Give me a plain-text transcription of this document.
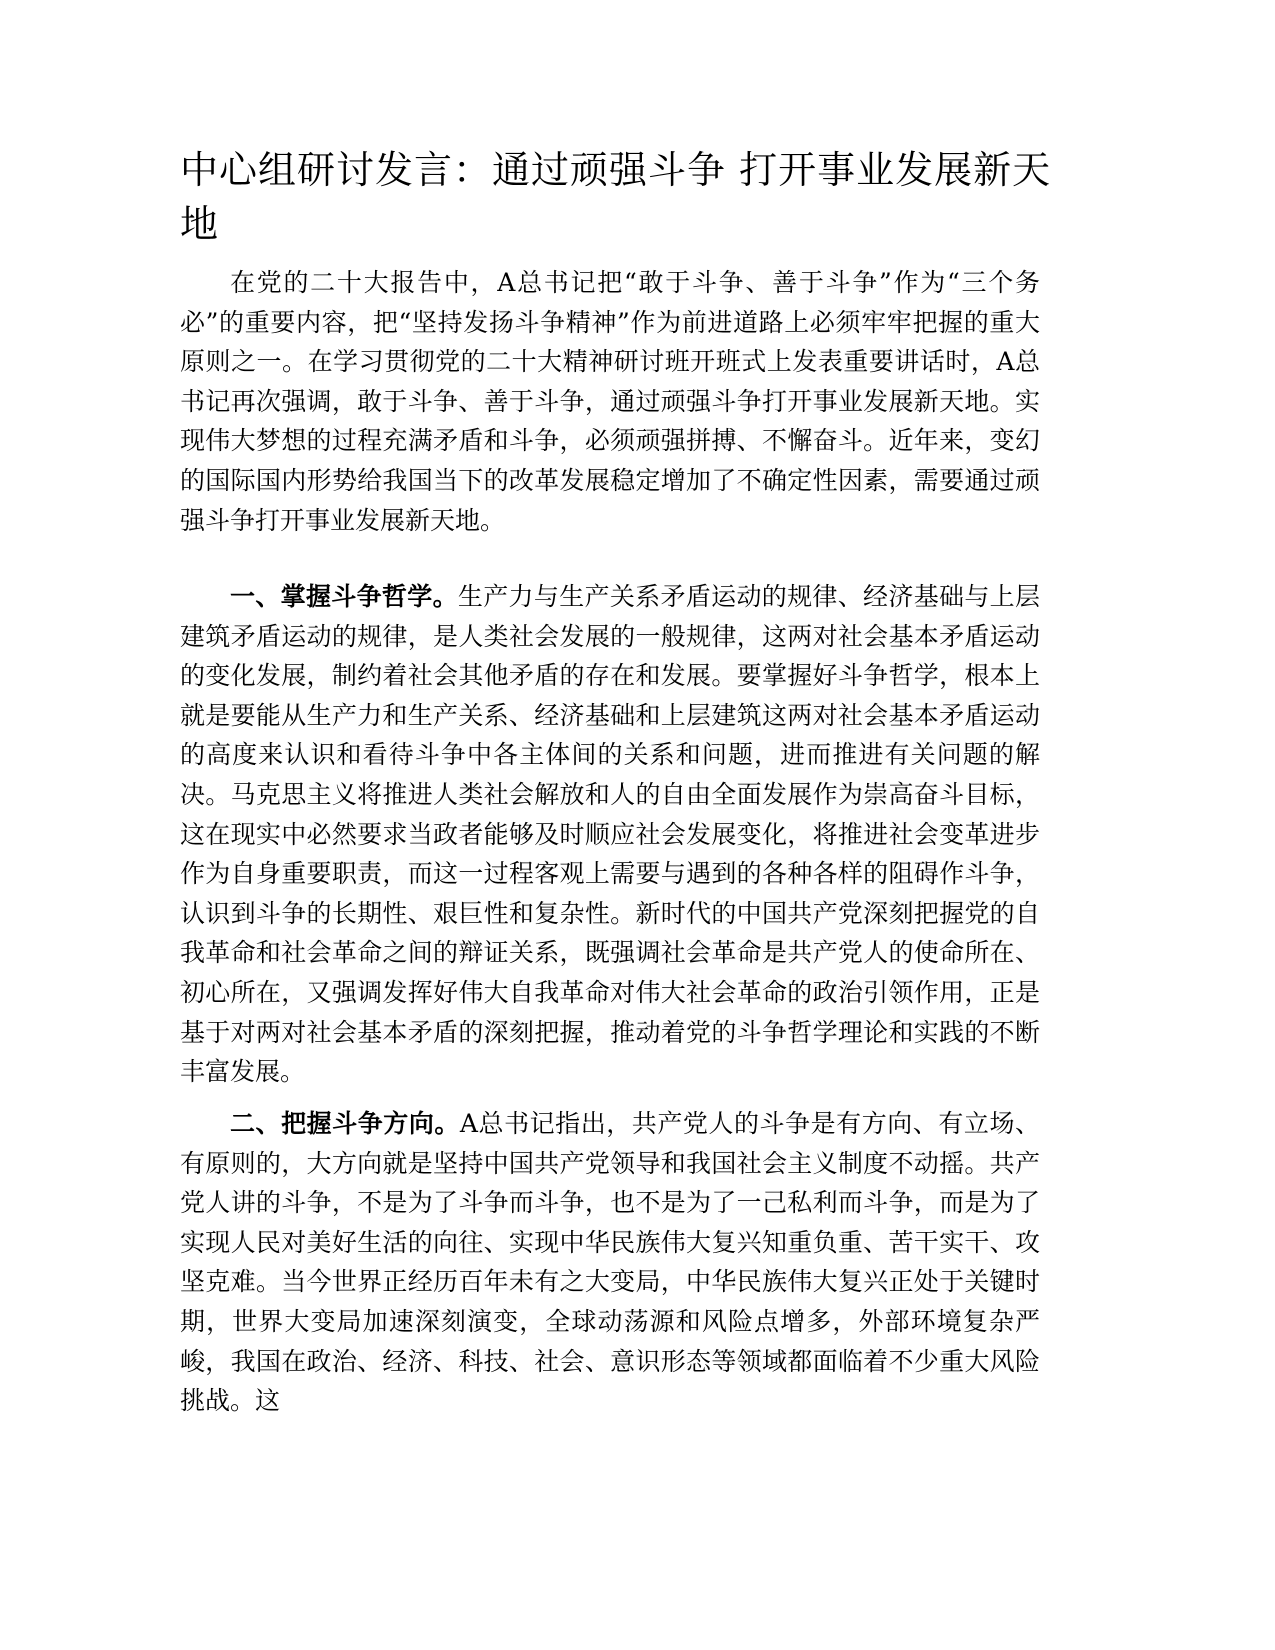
中心组研讨发言：通过顽强斗争 打开事业发展新天地

在党的二十大报告中，A总书记把“敢于斗争、善于斗争”作为“三个务必”的重要内容，把“坚持发扬斗争精神”作为前进道路上必须牢牢把握的重大原则之一。在学习贯彻党的二十大精神研讨班开班式上发表重要讲话时，A总书记再次强调，敢于斗争、善于斗争，通过顽强斗争打开事业发展新天地。实现伟大梦想的过程充满矛盾和斗争，必须顽强拼搏、不懈奋斗。近年来，变幻的国际国内形势给我国当下的改革发展稳定增加了不确定性因素，需要通过顽强斗争打开事业发展新天地。

一、掌握斗争哲学。生产力与生产关系矛盾运动的规律、经济基础与上层建筑矛盾运动的规律，是人类社会发展的一般规律，这两对社会基本矛盾运动的变化发展，制约着社会其他矛盾的存在和发展。要掌握好斗争哲学，根本上就是要能从生产力和生产关系、经济基础和上层建筑这两对社会基本矛盾运动的高度来认识和看待斗争中各主体间的关系和问题，进而推进有关问题的解决。马克思主义将推进人类社会解放和人的自由全面发展作为崇高奋斗目标，这在现实中必然要求当政者能够及时顺应社会发展变化，将推进社会变革进步作为自身重要职责，而这一过程客观上需要与遇到的各种各样的阻碍作斗争，认识到斗争的长期性、艰巨性和复杂性。新时代的中国共产党深刻把握党的自我革命和社会革命之间的辩证关系，既强调社会革命是共产党人的使命所在、初心所在，又强调发挥好伟大自我革命对伟大社会革命的政治引领作用，正是基于对两对社会基本矛盾的深刻把握，推动着党的斗争哲学理论和实践的不断丰富发展。

二、把握斗争方向。A总书记指出，共产党人的斗争是有方向、有立场、有原则的，大方向就是坚持中国共产党领导和我国社会主义制度不动摇。共产党人讲的斗争，不是为了斗争而斗争，也不是为了一己私利而斗争，而是为了实现人民对美好生活的向往、实现中华民族伟大复兴知重负重、苦干实干、攻坚克难。当今世界正经历百年未有之大变局，中华民族伟大复兴正处于关键时期，世界大变局加速深刻演变，全球动荡源和风险点增多，外部环境复杂严峻，我国在政治、经济、科技、社会、意识形态等领域都面临着不少重大风险挑战。这
